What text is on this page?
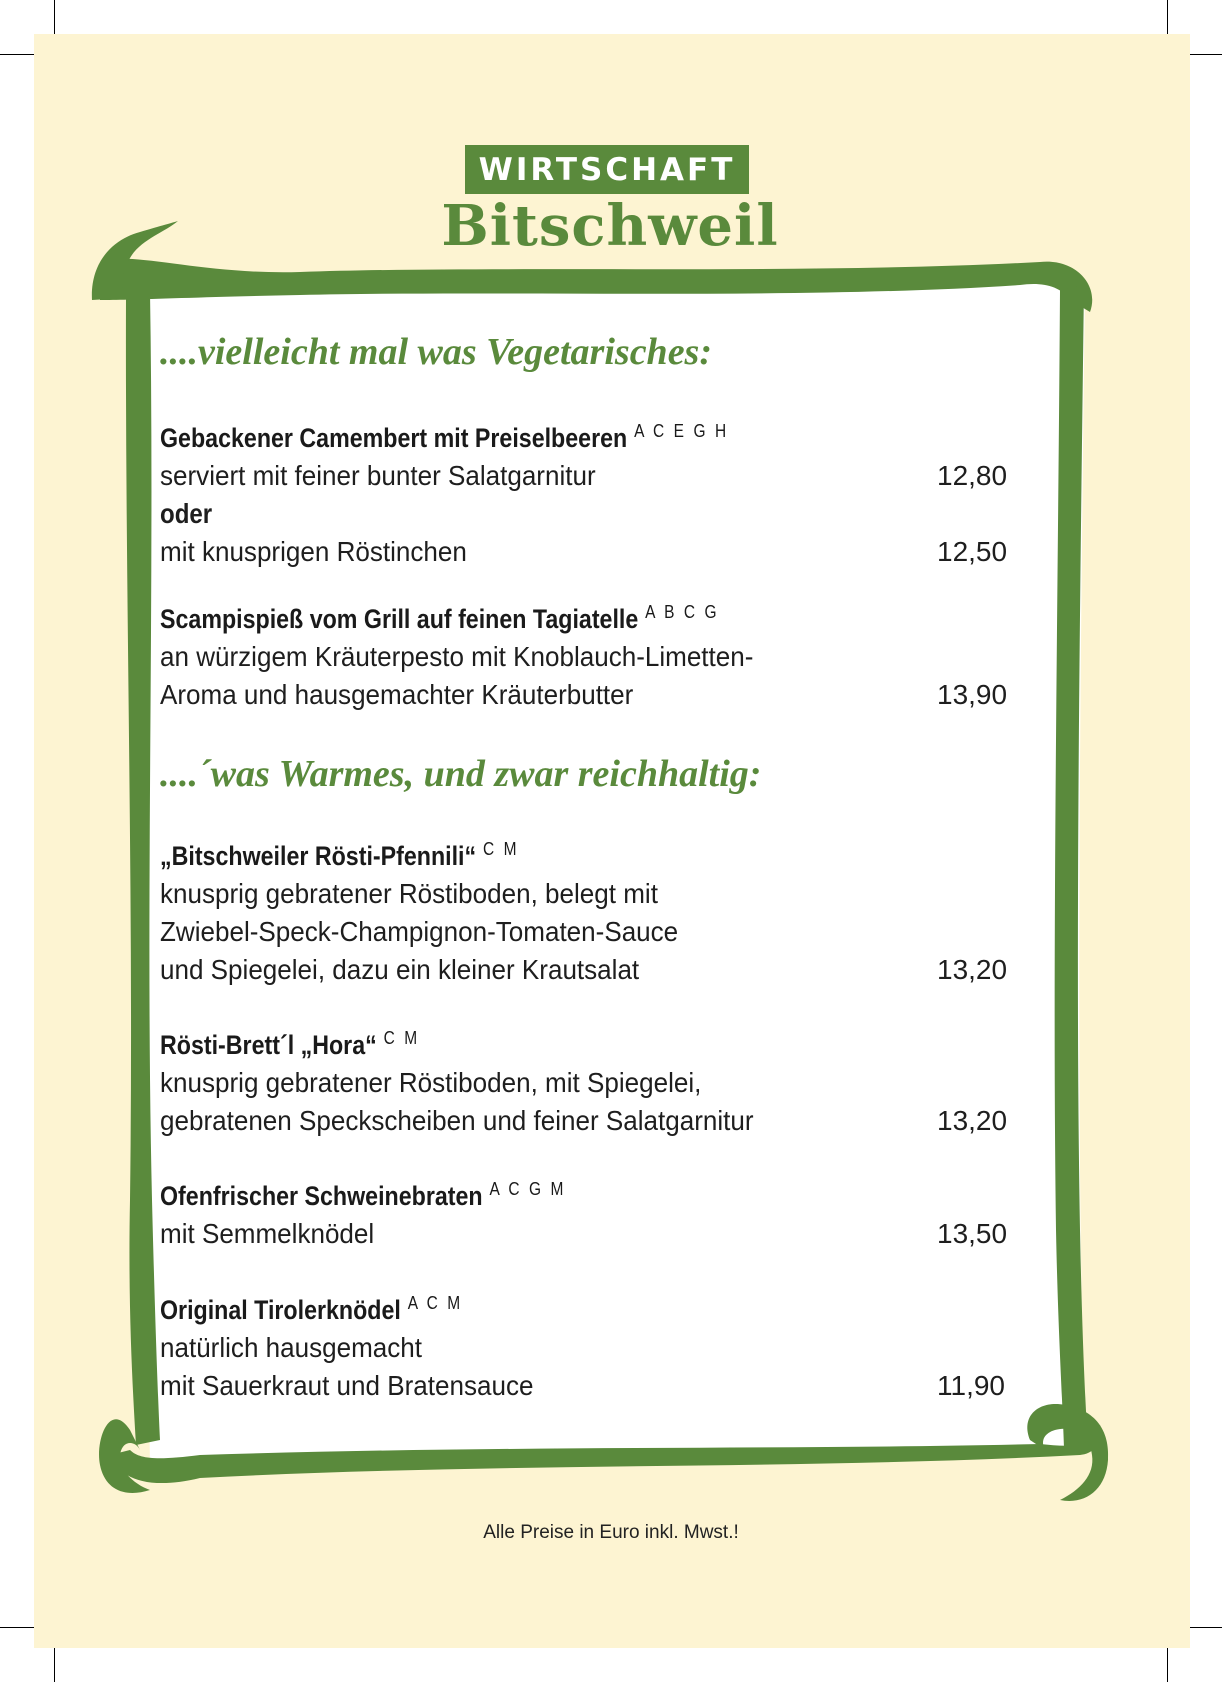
WIRTSCHAFT
Bitschweil
....vielleicht mal was Vegetarisches:
....´was Warmes, und zwar reichhaltig:
Gebackener Camembert mit Preiselbeeren $^{A C E G H}$
serviert mit feiner bunter Salatgarnitur	12,80
oder
mit knusprigen Röstinchen	12,50
Scampispieß vom Grill auf feinen Tagiatelle $^{A B C G}$
an würzigem Kräuterpesto mit Knoblauch-Limetten-
Aroma und hausgemachter Kräuterbutter	13,90
„Bitschweiler Rösti-Pfennili“ $^{C M}$
knusprig gebratener Röstiboden, belegt mit
Zwiebel-Speck-Champignon-Tomaten-Sauce
und Spiegelei, dazu ein kleiner Krautsalat	13,20
Rösti-Brett´l „Hora“ $^{C M}$
knusprig gebratener Röstiboden, mit Spiegelei,
gebratenen Speckscheiben und feiner Salatgarnitur	13,20
Ofenfrischer Schweinebraten $^{A C G M}$
mit Semmelknödel	13,50
Original Tirolerknödel $^{A C M}$
natürlich hausgemacht
mit Sauerkraut und Bratensauce	11,90
Alle Preise in Euro inkl. Mwst.!
